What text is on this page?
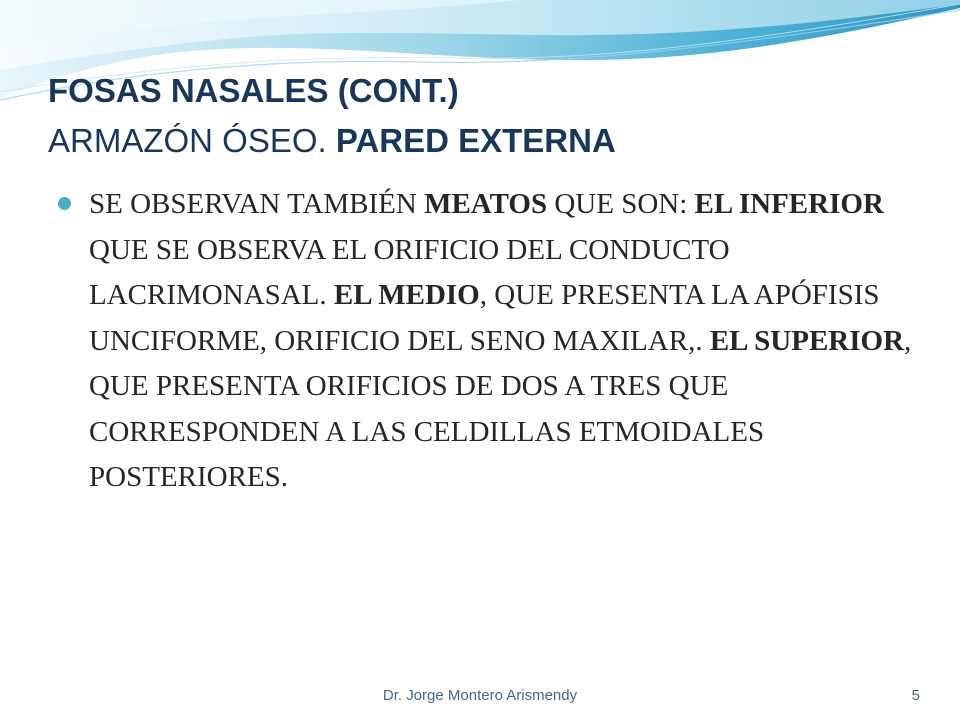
FOSAS NASALES (CONT.)
ARMAZÓN ÓSEO. PARED EXTERNA

SE OBSERVAN TAMBIÉN MEATOS QUE SON: EL INFERIOR QUE SE OBSERVA EL ORIFICIO DEL CONDUCTO LACRIMONASAL. EL MEDIO, QUE PRESENTA LA APÓFISIS UNCIFORME, ORIFICIO DEL SENO MAXILAR,. EL SUPERIOR, QUE PRESENTA ORIFICIOS DE DOS A TRES QUE CORRESPONDEN A LAS CELDILLAS ETMOIDALES POSTERIORES.

Dr. Jorge Montero Arismendy	5
